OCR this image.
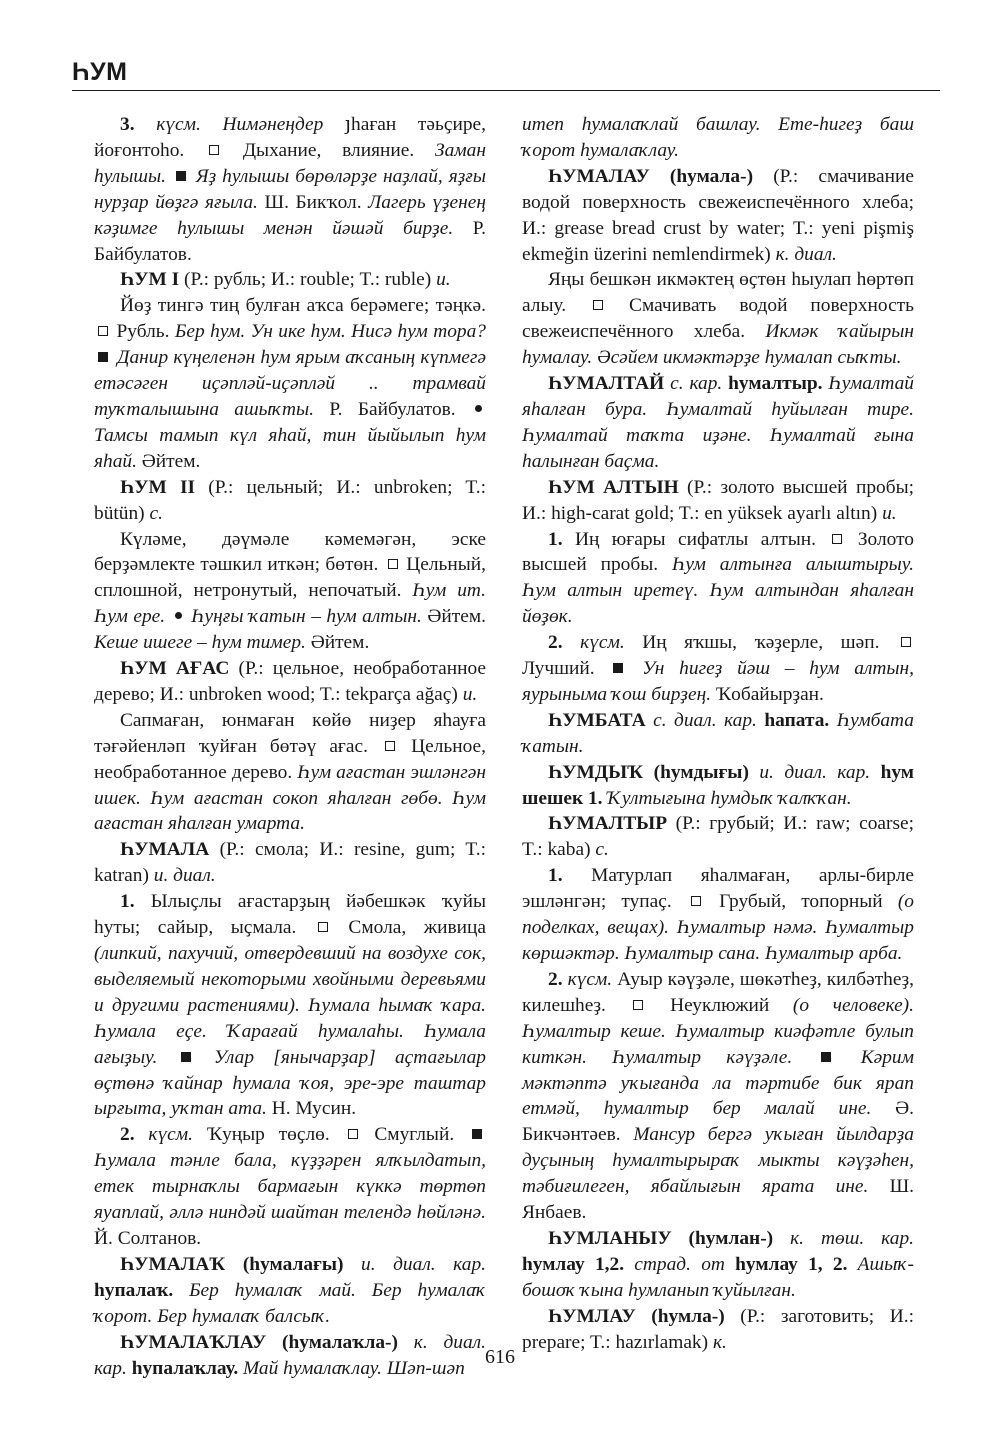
ҺУМ

3. күсм. Нимәнеңдер յһаған тәьҫире, йоғонтоһо.  Дыхание, влияние. Заман һулышы.  Яҙ һулышы бөрөләрҙе наҙлай, яҙғы нурҙар йөҙгә яғыла. Ш. Бикҡол. Лагерь үҙенең кәҙимге һулышы менән йәшәй бирҙе. Р. Байбулатов.

ҺУМ I (Р.: рубль; И.: rouble; T.: ruble) и.

Йөҙ тингә тиң булған аҡса берәмеге; тәңкә.  Рубль. Бер һум. Ун ике һум. Нисә һум тора?  Данир күңеленән һум ярым аҡсаның күпмегә етәсәген иҫәпләй-иҫәпләй .. трамвай туҡталышына ашыҡты. Р. Байбулатов.  Тамсы тамып күл яһай, тин йыйылып һум яһай. Әйтем.

ҺУМ II (Р.: цельный; И.: unbroken; T.: bütün) с.

Күләме, дәүмәле кәмемәгән, эске берҙәмлекте тәшкил иткән; бөтөн.  Цельный, сплошной, нетронутый, непочатый. Һум ит. Һум ере.  Һуңғы ҡатын – һум алтын. Әйтем. Кеше ишеге – һум тимер. Әйтем.

ҺУМ АҒАС (Р.: цельное, необработанное дерево; И.: unbroken wood; T.: tekparça ağaç) и.

Сапмаған, юнмаған көйө ниҙер яһауға тәғәйенләп ҡуйған бөтәү ағас.  Цельное, необработанное дерево. Һум ағастан эшләнгән ишек. Һум ағастан сокоп яһалған гөбө. Һум ағастан яһалған умарта.

ҺУМАЛА (Р.: смола; И.: resine, gum; T.: katran) и. диал.

1. Ылыҫлы ағастарҙың йәбешкәк ҡуйы һуты; сайыр, ыҫмала.  Смола, живица (липкий, пахучий, отвердевший на воздухе сок, выделяемый некоторыми хвойными деревьями и другими растениями). Һумала һымаҡ ҡара. Һумала еҫе. Ҡарағай һумалаһы. Һумала ағыҙыу.  Улар [янычарҙар] аҫтағылар өҫтөнә ҡайнар һумала ҡоя, эре-эре таштар ырғыта, уҡтан ата. Н. Мусин.

2. күсм. Ҡуңыр төҫлө.  Смуглый.  Һумала тәнле бала, күҙҙәрен ялҡылдатып, етек тырнаҡлы бармағын күккә төртөп яуаплай, әллә ниндәй шайтан телендә һөйләнә. Й. Солтанов.

ҺУМАЛАҠ (һумалағы) и. диал. кар. һупалаҡ. Бер һумалаҡ май. Бер һумалаҡ ҡорот. Бер һумалаҡ балсыҡ.

ҺУМАЛАҠЛАУ (һумалаҡла-) к. диал. кар. һупалаҡлау. Май һумалаҡлау. Шәп-шәп

итеп һумалаҡлай башлау. Ете-һигеҙ баш ҡорот һумалаҡлау.

ҺУМАЛАУ (һумала-) (Р.: смачивание водой поверхность свежеиспечённого хлеба; И.: grease bread crust by water; T.: yeni pişmiş ekmeğin üzerini nemlendirmek) к. диал.

Яңы бешкән икмәктең өҫтөн һыулап һөртөп алыу.  Смачивать водой поверхность свежеиспечённого хлеба. Икмәк ҡайырын һумалау. Әсәйем икмәктәрҙе һумалап сыҡты.

ҺУМАЛТАЙ с. кар. һумалтыр. Һумалтай яһалған бура. Һумалтай һуйылған тире. Һумалтай таҡта иҙәне. Һумалтай ғына һалынған баҫма.

ҺУМ АЛТЫН (Р.: золото высшей пробы; И.: high-carat gold; T.: en yüksek ayarlı altın) и.

1. Иң юғары сифатлы алтын.  Золото высшей пробы. Һум алтынға алыштырыу. Һум алтын иретеү. Һум алтындан яһалған йөҙөк.

2. күсм. Иң яҡшы, ҡәҙерле, шәп.  Лучший.  Ун һигеҙ йәш – һум алтын, яурыныма ҡош бирҙең. Ҡобайырҙан.

ҺУМБАТА с. диал. кар. һапата. Һумбата ҡатын.

ҺУМДЫҠ (һумдығы) и. диал. кар. һум шешек 1. Ҡултығына һумдыҡ ҡалҡҡан.

ҺУМАЛТЫР (Р.: грубый; И.: raw; coarse; T.: kaba) с.

1. Матурлап яһалмаған, арлы-бирле эшләнгән; тупаҫ.  Грубый, топорный (о поделках, вещах). Һумалтыр нәмә. Һумалтыр көршәктәр. Һумалтыр сана. Һумалтыр арба.

2. күсм. Ауыр кәүҙәле, шөкәтһеҙ, килбәтһеҙ, килешһеҙ.  Неуклюжий (о человеке). Һумалтыр кеше. Һумалтыр киәфәтле булып киткән. Һумалтыр кәүҙәле.  Кәрим мәктәптә уҡығанда ла тәртибе бик ярап етмәй, һумалтыр бер малай ине. Ә. Бикчәнтәев. Мансур бергә уҡыған йылдарҙа дуҫының һумалтырыраҡ мыкты кәүҙәһен, тәбиғилеген, ябайлығын ярата ине. Ш. Янбаев.

ҺУМЛАНЫУ (һумлан-) к. төш. кар. һумлау 1,2. страд. от һумлау 1, 2. Ашыҡ-бошоҡ ҡына һумланып ҡуйылған.

ҺУМЛАУ (һумла-) (Р.: заготовить; И.: prepare; T.: hazırlamak) к.

616
